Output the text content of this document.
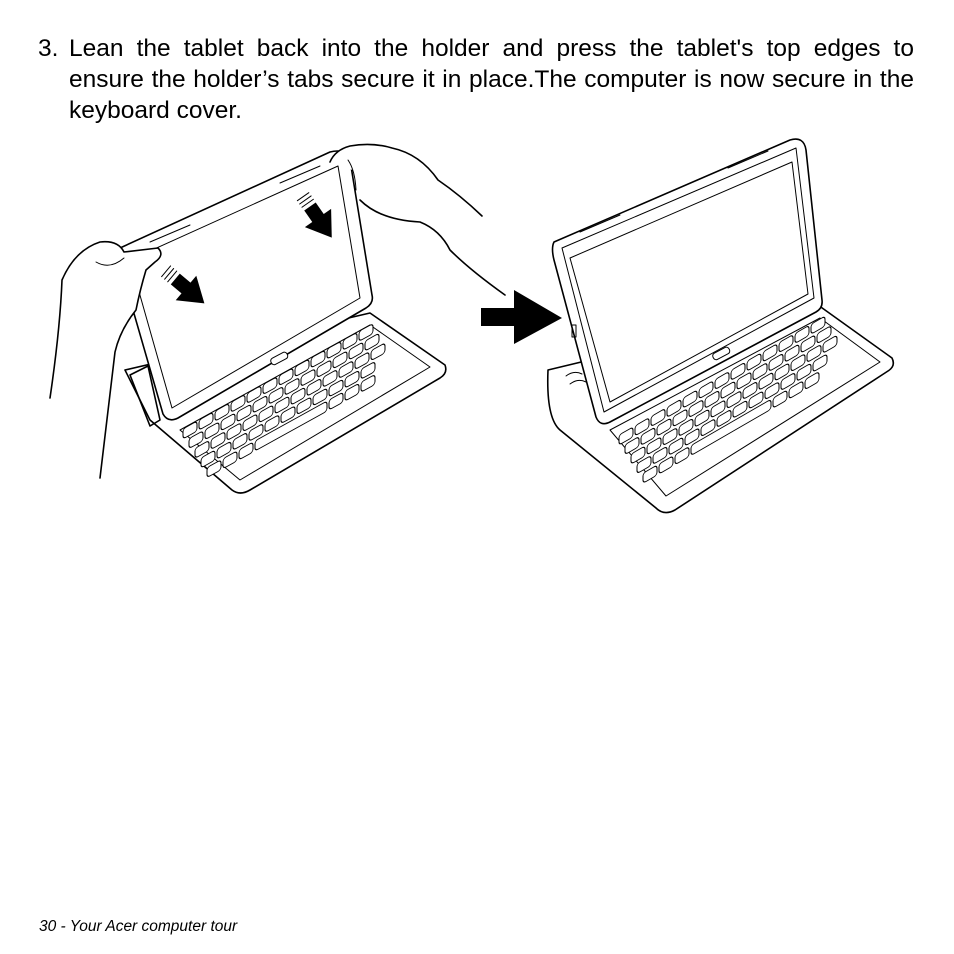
3. Lean the tablet back into the holder and press the tablet's top edges to ensure the holder’s tabs secure it in place.The computer is now secure in the keyboard cover.
30 - Your Acer computer tour
